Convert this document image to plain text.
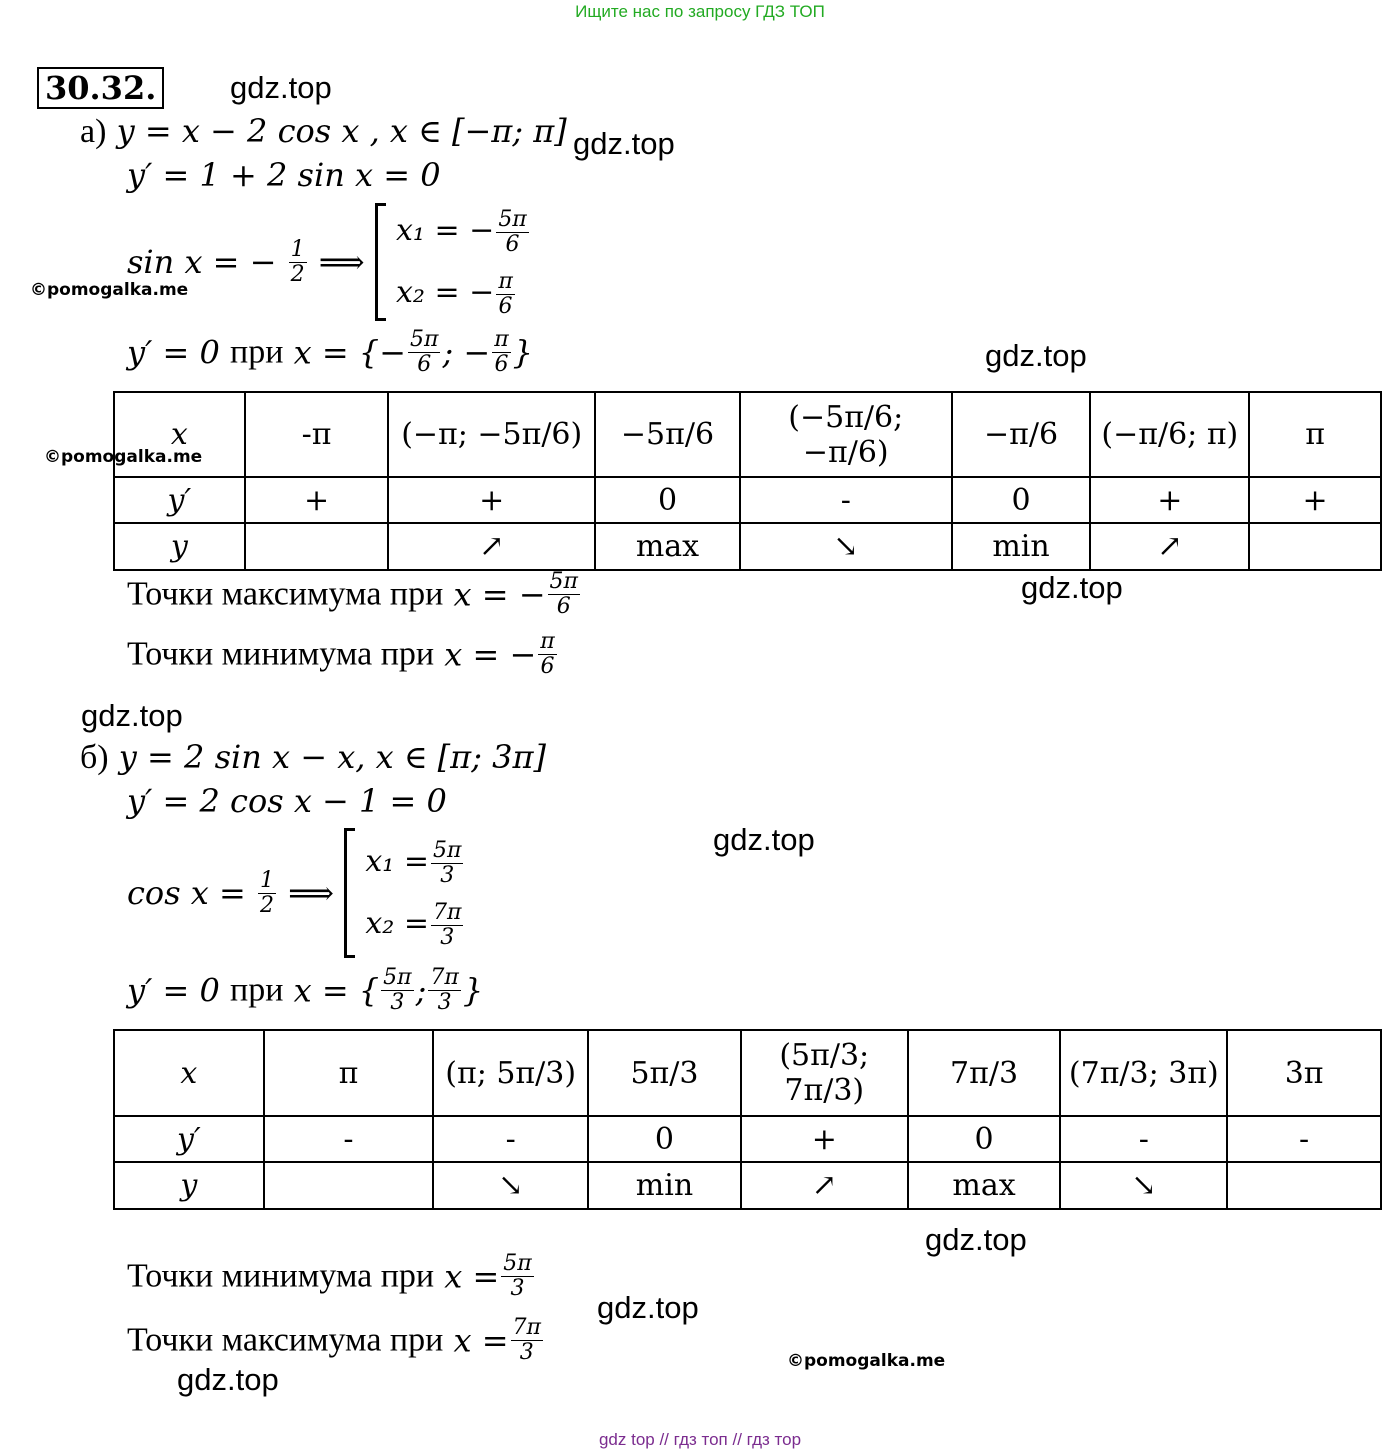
Ищите нас по запросу ГДЗ ТОП
30.32. gdz.top
gdz.top
gdz.top
gdz.top
gdz.top
gdz.top
gdz.top
gdz.top
gdz.top
©pomogalka.me
©pomogalka.me
©pomogalka.me
а) y = x − 2 cos x , x ∈ [−π; π]
y′ = 1 + 2 sin x = 0
sin x = − $\frac{1}{2}$ ⟹
x₁ = − $\frac{5\pi}{6}$
x₂ = − $\frac{\pi}{6}$
y′ = 0 при x = {− $\frac{5\pi}{6}$ ; − $\frac{\pi}{6}$ }
x	-π	(−π; −5π/6)	−5π/6	(−5π/6; −π/6)	−π/6	(−π/6; π)	π
y′	+	+	0	-	0	+	+
y		↗	max	↘	min	↗	
Точки максимума при x = − $\frac{5\pi}{6}$
Точки минимума при x = − $\frac{\pi}{6}$
б) y = 2 sin x − x, x ∈ [π; 3π]
y′ = 2 cos x − 1 = 0
$\cos x = \frac{1}{2}$ ⟹
$x_1 = \frac{5\pi}{3}$
$x_2 = \frac{7\pi}{3}$
y′ = 0 при x = { $\frac{5\pi}{3}$ ; $\frac{7\pi}{3}$ }
x	π	(π; 5π/3)	5π/3	(5π/3; 7π/3)	7π/3	(7π/3; 3π)	3π
y′	-	-	0	+	0	-	-
y		↘	min	↗	max	↘	
Точки минимума при $x = \frac{5\pi}{3}$
Точки максимума при $x = \frac{7\pi}{3}$
gdz top // гдз топ // гдз тор
